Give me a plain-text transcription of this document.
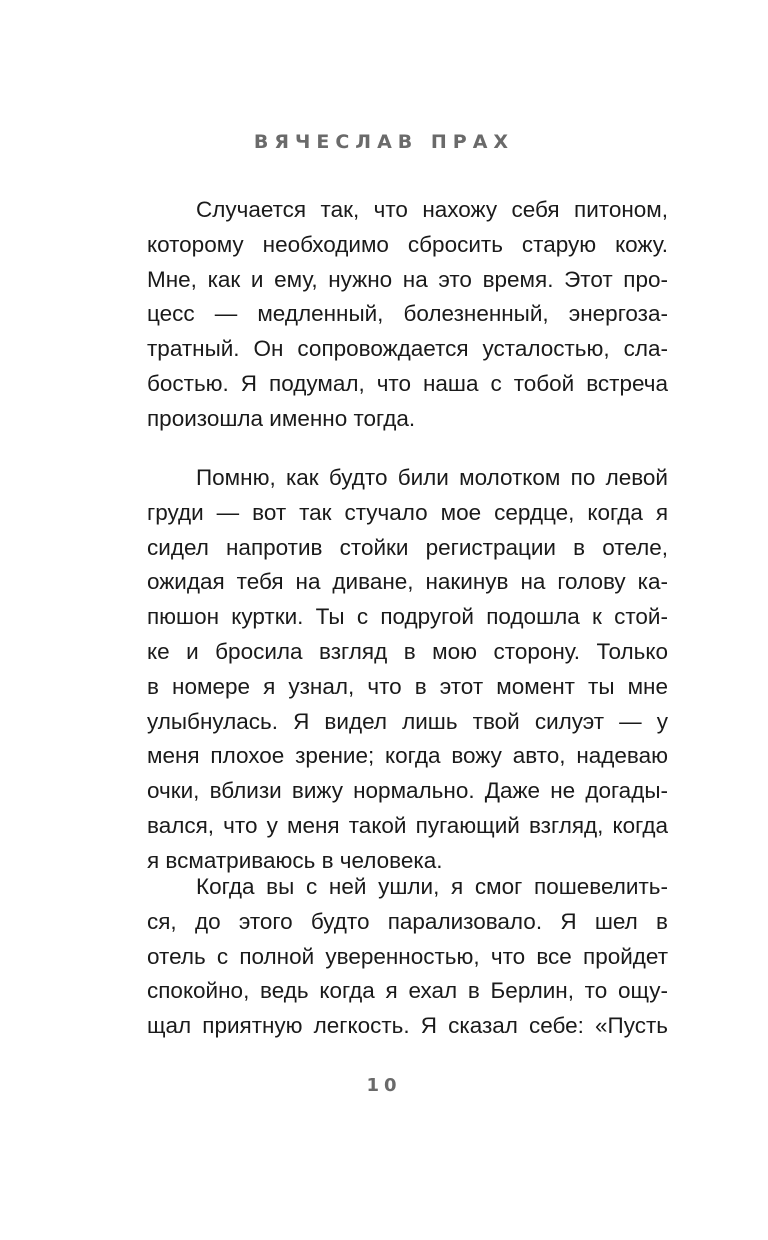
ВЯЧЕСЛАВ ПРАХ
Случается так, что нахожу себя питоном,
которому необходимо сбросить старую кожу.
Мне, как и ему, нужно на это время. Этот про-
цесс — медленный, болезненный, энергоза-
тратный. Он сопровождается усталостью, сла-
бостью. Я подумал, что наша с тобой встреча
произошла именно тогда.
Помню, как будто били молотком по левой
груди — вот так стучало мое сердце, когда я
сидел напротив стойки регистрации в отеле,
ожидая тебя на диване, накинув на голову ка-
пюшон куртки. Ты с подругой подошла к стой-
ке и бросила взгляд в мою сторону. Только
в номере я узнал, что в этот момент ты мне
улыбнулась. Я видел лишь твой силуэт — у
меня плохое зрение; когда вожу авто, надеваю
очки, вблизи вижу нормально. Даже не догады-
вался, что у меня такой пугающий взгляд, когда
я всматриваюсь в человека.
Когда вы с ней ушли, я смог пошевелить-
ся, до этого будто парализовало. Я шел в
отель с полной уверенностью, что все пройдет
спокойно, ведь когда я ехал в Берлин, то ощу-
щал приятную легкость. Я сказал себе: «Пусть
10
